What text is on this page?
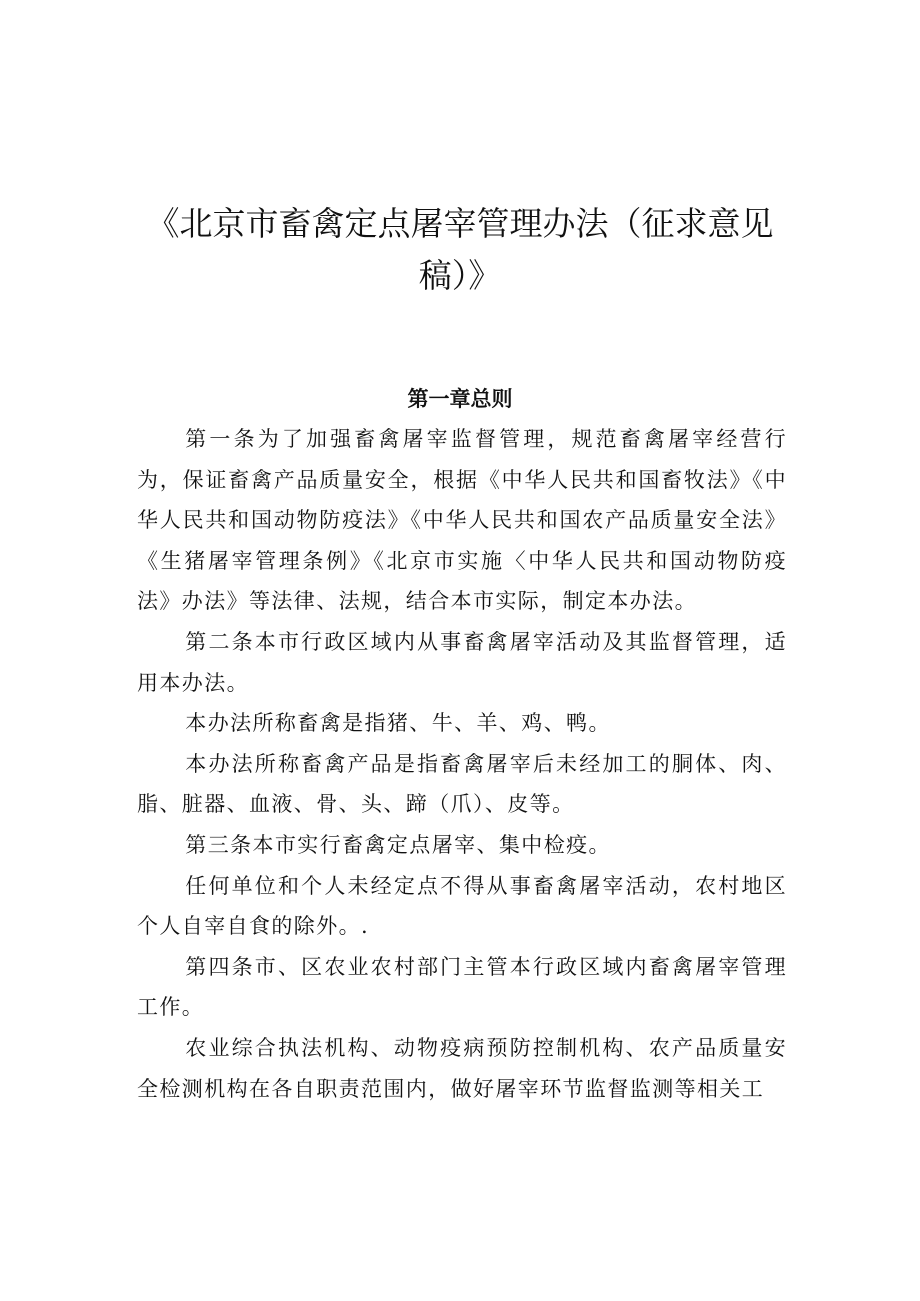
《北京市畜禽定点屠宰管理办法（征求意见稿）》
第一章总则

第一条为了加强畜禽屠宰监督管理，规范畜禽屠宰经营行为，保证畜禽产品质量安全，根据《中华人民共和国畜牧法》《中华人民共和国动物防疫法》《中华人民共和国农产品质量安全法》《生猪屠宰管理条例》《北京市实施〈中华人民共和国动物防疫法》办法》等法律、法规，结合本市实际，制定本办法。

第二条本市行政区域内从事畜禽屠宰活动及其监督管理，适用本办法。

本办法所称畜禽是指猪、牛、羊、鸡、鸭。

本办法所称畜禽产品是指畜禽屠宰后未经加工的胴体、肉、脂、脏器、血液、骨、头、蹄（爪）、皮等。

第三条本市实行畜禽定点屠宰、集中检疫。

任何单位和个人未经定点不得从事畜禽屠宰活动，农村地区个人自宰自食的除外。.

第四条市、区农业农村部门主管本行政区域内畜禽屠宰管理工作。

农业综合执法机构、动物疫病预防控制机构、农产品质量安全检测机构在各自职责范围内，做好屠宰环节监督监测等相关工
